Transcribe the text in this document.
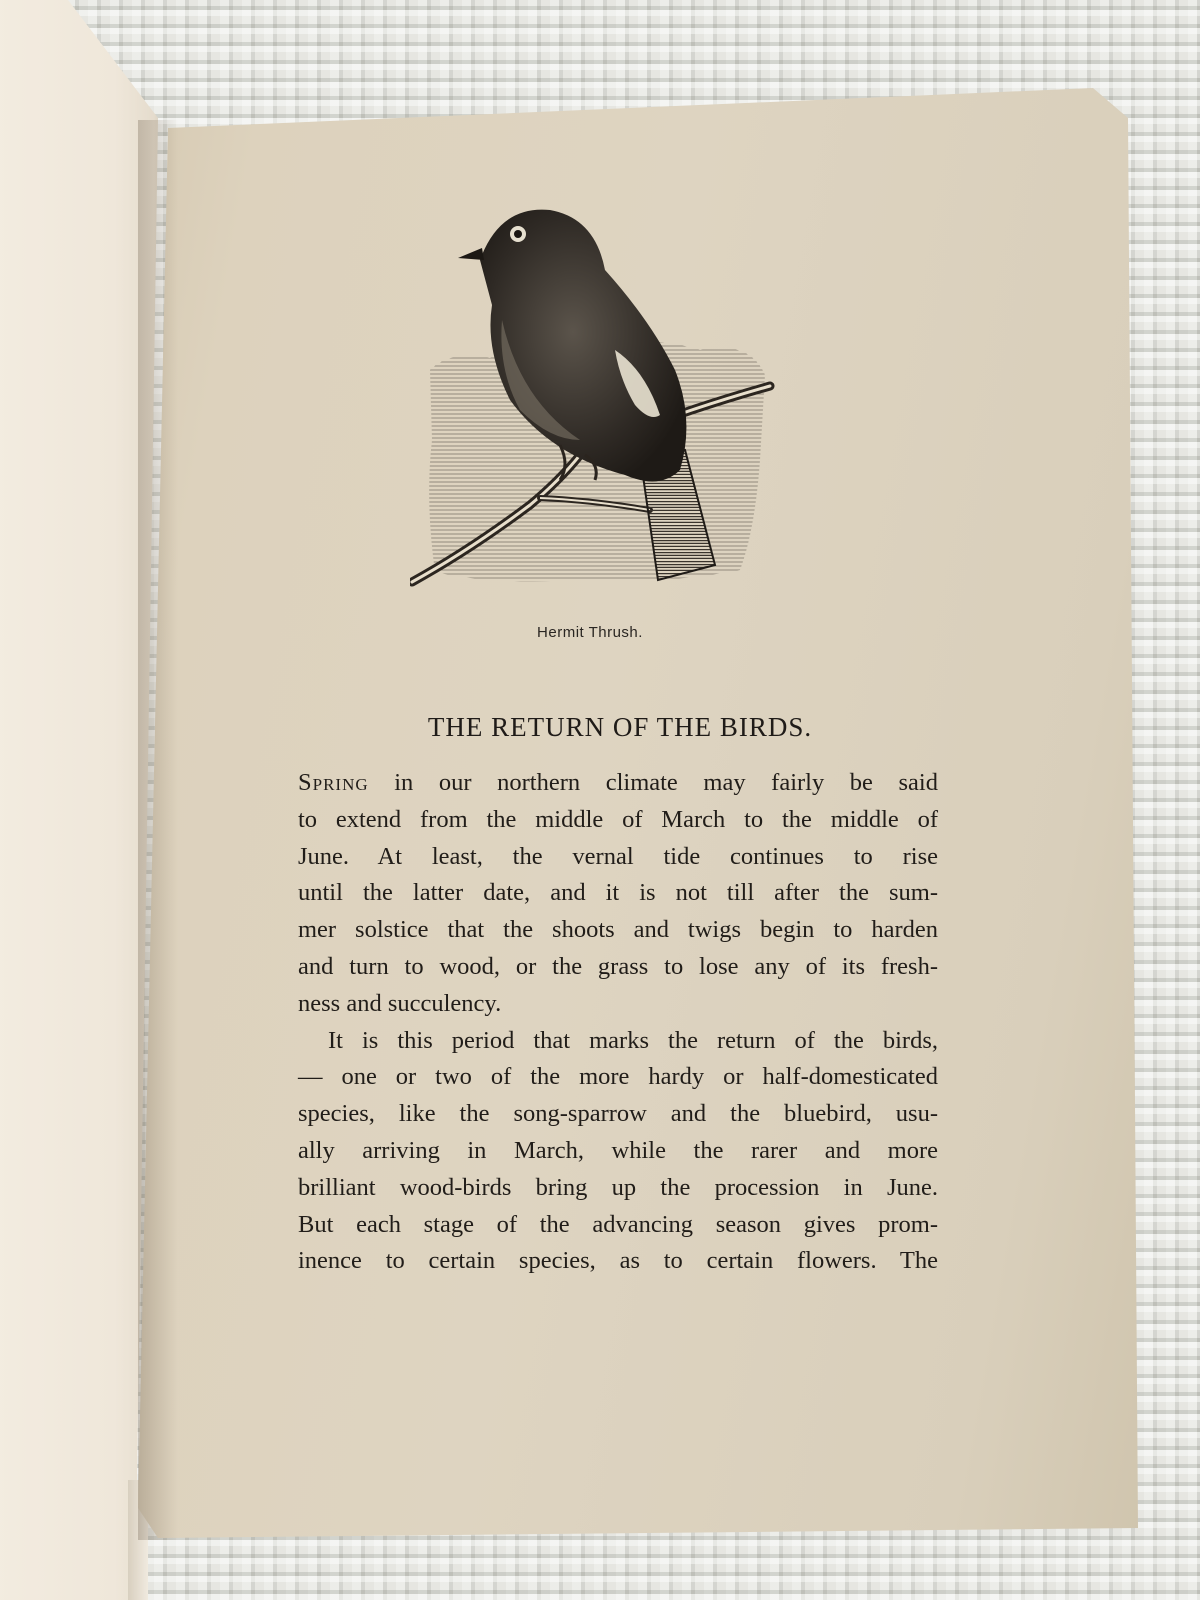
Hermit Thrush.
THE RETURN OF THE BIRDS.
Spring in our northern climate may fairly be said
to extend from the middle of March to the middle of
June. At least, the vernal tide continues to rise
until the latter date, and it is not till after the sum-
mer solstice that the shoots and twigs begin to harden
and turn to wood, or the grass to lose any of its fresh-
ness and succulency.
It is this period that marks the return of the birds,
— one or two of the more hardy or half-domesticated
species, like the song-sparrow and the bluebird, usu-
ally arriving in March, while the rarer and more
brilliant wood-birds bring up the procession in June.
But each stage of the advancing season gives prom-
inence to certain species, as to certain flowers. The
